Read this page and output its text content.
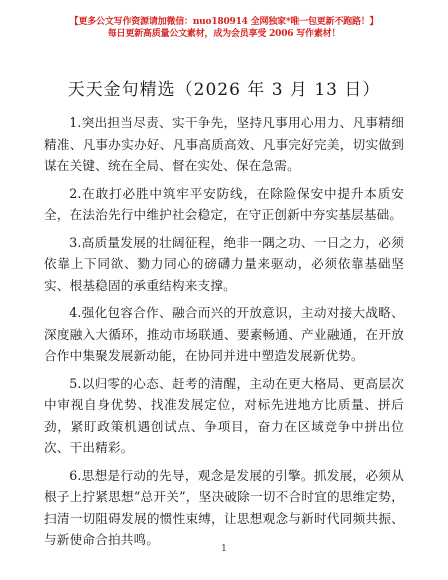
【更多公文写作资源请加微信：nuo180914 全网独家*唯一包更新不跑路！】
每日更新高质量公文素材，成为会员享受 2006 写作素材！
天天金句精选（2026 年 3 月 13 日）

1.突出担当尽责、实干争先，坚持凡事用心用力、凡事精细精准、凡事办实办好、凡事高质高效、凡事完好完美，切实做到谋在关键、统在全局、督在实处、保在急需。

2.在敢打必胜中筑牢平安防线，在除险保安中提升本质安全，在法治先行中维护社会稳定，在守正创新中夯实基层基础。

3.高质量发展的壮阔征程，绝非一隅之功、一日之力，必须依靠上下同欲、勠力同心的磅礴力量来驱动，必须依靠基础坚实、根基稳固的承重结构来支撑。

4.强化包容合作、融合而兴的开放意识，主动对接大战略、深度融入大循环，推动市场联通、要素畅通、产业融通，在开放合作中集聚发展新动能，在协同并进中塑造发展新优势。

5.以归零的心态、赶考的清醒，主动在更大格局、更高层次中审视自身优势、找准发展定位，对标先进地方比质量、拼后劲，紧盯政策机遇创试点、争项目，奋力在区域竞争中拼出位次、干出精彩。

6.思想是行动的先导，观念是发展的引擎。抓发展，必须从根子上拧紧思想“总开关”，坚决破除一切不合时宜的思维定势，扫清一切阻碍发展的惯性束缚，让思想观念与新时代同频共振、与新使命合拍共鸣。

1
